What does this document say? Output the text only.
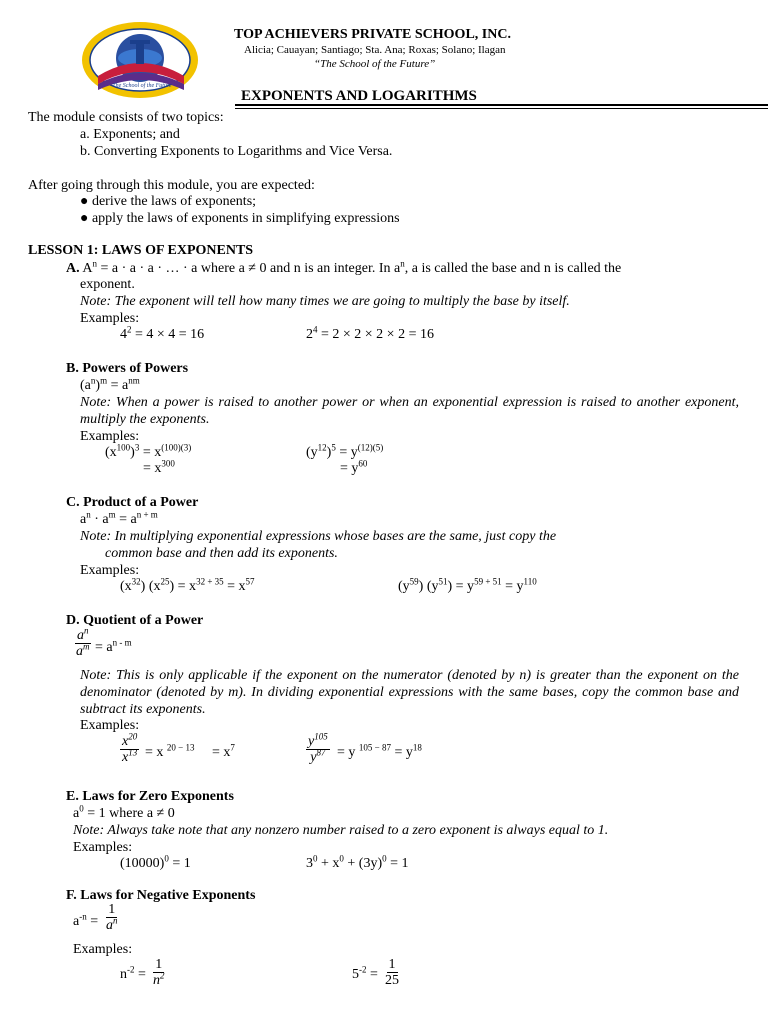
The School of the Future
TOP ACHIEVERS PRIVATE SCHOOL, INC.
Alicia; Cauayan; Santiago; Sta. Ana; Roxas; Solano; Ilagan
“The School of the Future”
EXPONENTS AND LOGARITHMS
The module consists of two topics:
a. Exponents; and
b. Converting Exponents to Logarithms and Vice Versa.
After going through this module, you are expected:
● derive the laws of exponents;
● apply the laws of exponents in simplifying expressions
LESSON 1: LAWS OF EXPONENTS
A. $A^n = a \cdot a \cdot a$ · … · a where a ≠ 0 and n is an integer. In $a^n$, a is called the base and n is called the
exponent.
Note: The exponent will tell how many times we are going to multiply the base by itself.
Examples:
$4^2 = 4 \times 4 = 16$	$2^4 = 2 \times 2 \times 2 \times 2 = 16$
B. Powers of Powers
$(a^n)^m = a^{nm}$
Note: When a power is raised to another power or when an exponential expression is raised to another exponent, multiply the exponents.
Examples:
$(x^{100})^3 = x^{(100)(3)}$
= $x^{300}$
$(y^{12})^5 = y^{(12)(5)}$
= $y^{60}$
C. Product of a Power
$a^n \cdot a^m = a^{n + m}$
Note: In multiplying exponential expressions whose bases are the same, just copy the
common base and then add its exponents.
Examples:
$(x^{32}) (x^{25}) = x^{32 + 35} = x^{57}$	$(y^{59}) (y^{51}) = y^{59 + 51} = y^{110}$
D. Quotient of a Power
$\frac{a^n}{a^m} = a^{n - m}$
Note: This is only applicable if the exponent on the numerator (denoted by n) is greater than the exponent on the denominator (denoted by m). In dividing exponential expressions with the same bases, copy the common base and subtract its exponents.
Examples:
$\frac{x^{20}}{x^{13}} = x$ $^{20 - 13}$     = $x^7$	$\frac{y^{105}}{y^{87}} = y$ $^{105 - 87} = y^{18}$
E. Laws for Zero Exponents
$a^0 = 1$ where a ≠ 0
Note: Always take note that any nonzero number raised to a zero exponent is always equal to 1.
Examples:
$(10000)^0 = 1$	$3^0 + x^0 + (3y)^0 = 1$
F. Laws for Negative Exponents
$a^{-n} = \frac{1}{a^n}$
Examples:
$n^{-2} = \frac{1}{n^2}$	$5^{-2} = \frac{1}{25}$
